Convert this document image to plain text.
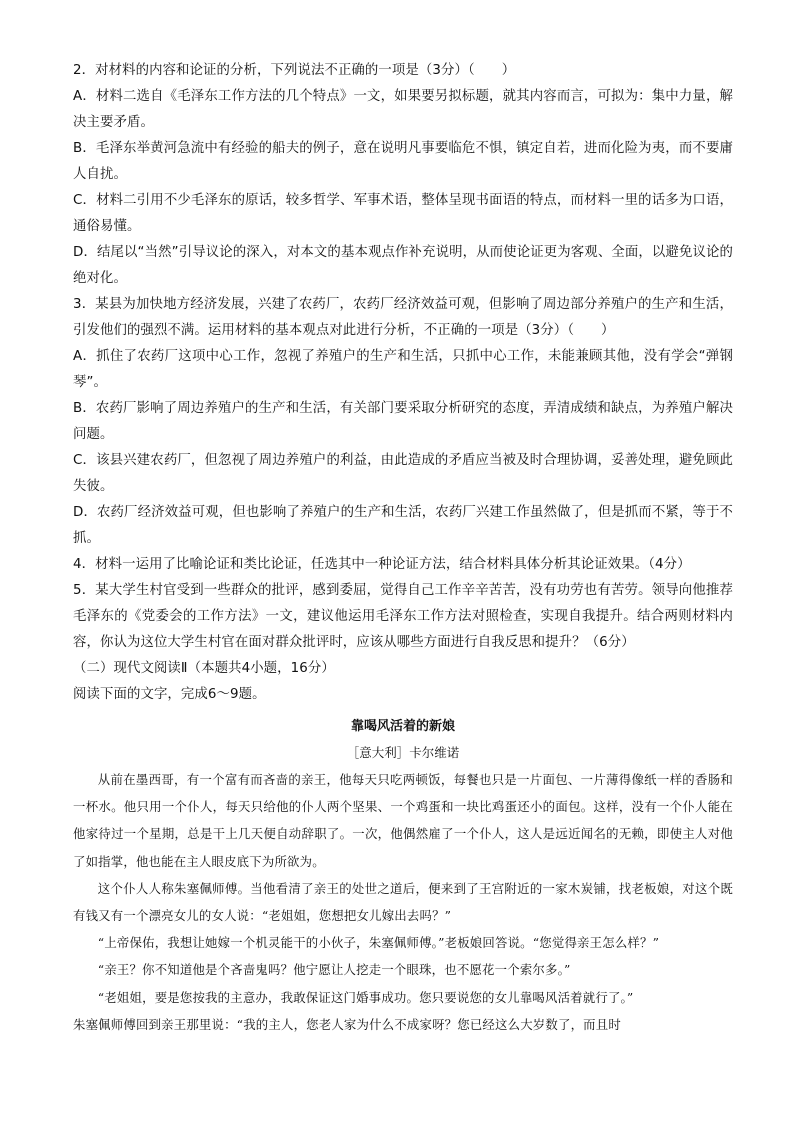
2．对材料的内容和论证的分析，下列说法不正确的一项是（3分）（　　）

A．材料二选自《毛泽东工作方法的几个特点》一文，如果要另拟标题，就其内容而言，可拟为：集中力量，解决主要矛盾。

B．毛泽东举黄河急流中有经验的船夫的例子，意在说明凡事要临危不惧，镇定自若，进而化险为夷，而不要庸人自扰。

C．材料二引用不少毛泽东的原话，较多哲学、军事术语，整体呈现书面语的特点，而材料一里的话多为口语，通俗易懂。

D．结尾以“当然”引导议论的深入，对本文的基本观点作补充说明，从而使论证更为客观、全面，以避免议论的绝对化。

3．某县为加快地方经济发展，兴建了农药厂，农药厂经济效益可观，但影响了周边部分养殖户的生产和生活，引发他们的强烈不满。运用材料的基本观点对此进行分析，不正确的一项是（3分）（　　）

A．抓住了农药厂这项中心工作，忽视了养殖户的生产和生活，只抓中心工作，未能兼顾其他，没有学会“弹钢琴”。

B．农药厂影响了周边养殖户的生产和生活，有关部门要采取分析研究的态度，弄清成绩和缺点，为养殖户解决问题。

C．该县兴建农药厂，但忽视了周边养殖户的利益，由此造成的矛盾应当被及时合理协调，妥善处理，避免顾此失彼。

D．农药厂经济效益可观，但也影响了养殖户的生产和生活，农药厂兴建工作虽然做了，但是抓而不紧，等于不抓。

4．材料一运用了比喻论证和类比论证，任选其中一种论证方法，结合材料具体分析其论证效果。（4分）

5．某大学生村官受到一些群众的批评，感到委屈，觉得自己工作辛辛苦苦，没有功劳也有苦劳。领导向他推荐毛泽东的《党委会的工作方法》一文，建议他运用毛泽东工作方法对照检查，实现自我提升。结合两则材料内容，你认为这位大学生村官在面对群众批评时，应该从哪些方面进行自我反思和提升？（6分）

（二）现代文阅读Ⅱ（本题共4小题，16分）

阅读下面的文字，完成6～9题。

靠喝风活着的新娘

［意大利］卡尔维诺

从前在墨西哥，有一个富有而吝啬的亲王，他每天只吃两顿饭，每餐也只是一片面包、一片薄得像纸一样的香肠和一杯水。他只用一个仆人，每天只给他的仆人两个坚果、一个鸡蛋和一块比鸡蛋还小的面包。这样，没有一个仆人能在他家待过一个星期，总是干上几天便自动辞职了。一次，他偶然雇了一个仆人，这人是远近闻名的无赖，即使主人对他了如指掌，他也能在主人眼皮底下为所欲为。

这个仆人人称朱塞佩师傅。当他看清了亲王的处世之道后，便来到了王宫附近的一家木炭铺，找老板娘，对这个既有钱又有一个漂亮女儿的女人说：“老姐姐，您想把女儿嫁出去吗？”

“上帝保佑，我想让她嫁一个机灵能干的小伙子，朱塞佩师傅。”老板娘回答说。“您觉得亲王怎么样？”

“亲王？你不知道他是个吝啬鬼吗？他宁愿让人挖走一个眼珠，也不愿花一个索尔多。”

“老姐姐，要是您按我的主意办，我敢保证这门婚事成功。您只要说您的女儿靠喝风活着就行了。”

朱塞佩师傅回到亲王那里说：“我的主人，您老人家为什么不成家呀？您已经这么大岁数了，而且时
